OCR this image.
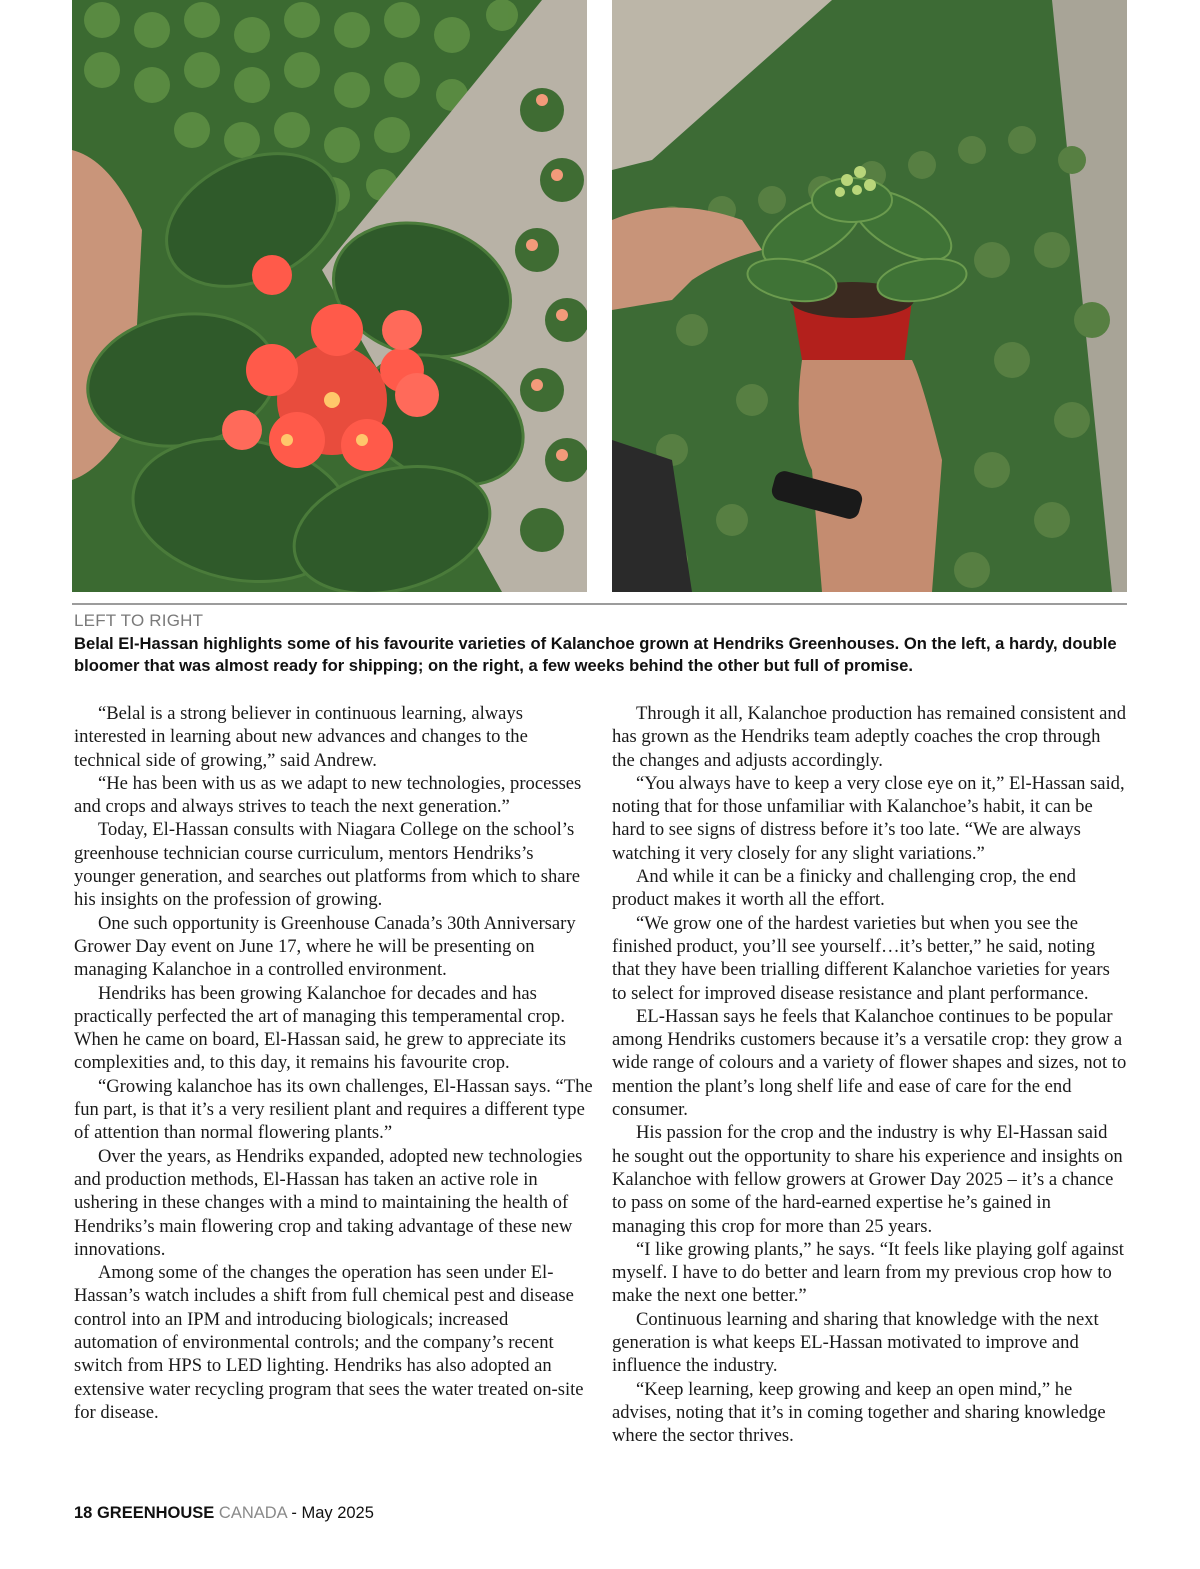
LEFT TO RIGHT
Belal El-Hassan highlights some of his favourite varieties of Kalanchoe grown at Hendriks Greenhouses. On the left, a hardy, double bloomer that was almost ready for shipping; on the right, a few weeks behind the other but full of promise.

“Belal is a strong believer in continuous learning, always interested in learning about new advances and changes to the technical side of growing,” said Andrew.

“He has been with us as we adapt to new technologies, processes and crops and always strives to teach the next generation.”

Today, El-Hassan consults with Niagara College on the school’s greenhouse technician course curriculum, mentors Hendriks’s younger generation, and searches out platforms from which to share his insights on the profession of growing.

One such opportunity is Greenhouse Canada’s 30th Anniversary Grower Day event on June 17, where he will be presenting on managing Kalanchoe in a controlled environment.

Hendriks has been growing Kalanchoe for decades and has practically perfected the art of managing this temperamental crop. When he came on board, El-Hassan said, he grew to appreciate its complexities and, to this day, it remains his favourite crop.

“Growing kalanchoe has its own challenges, El-Hassan says. “The fun part, is that it’s a very resilient plant and requires a different type of attention than normal flowering plants.”

Over the years, as Hendriks expanded, adopted new technologies and production methods, El-Hassan has taken an active role in ushering in these changes with a mind to maintaining the health of Hendriks’s main flowering crop and taking advantage of these new innovations.

Among some of the changes the operation has seen under El-Hassan’s watch includes a shift from full chemical pest and disease control into an IPM and introducing biologicals; increased automation of environmental controls; and the company’s recent switch from HPS to LED lighting. Hendriks has also adopted an extensive water recycling program that sees the water treated on-site for disease.

Through it all, Kalanchoe production has remained consistent and has grown as the Hendriks team adeptly coaches the crop through the changes and adjusts accordingly.

“You always have to keep a very close eye on it,” El-Hassan said, noting that for those unfamiliar with Kalanchoe’s habit, it can be hard to see signs of distress before it’s too late. “We are always watching it very closely for any slight variations.”

And while it can be a finicky and challenging crop, the end product makes it worth all the effort.

“We grow one of the hardest varieties but when you see the finished product, you’ll see yourself…it’s better,” he said, noting that they have been trialling different Kalanchoe varieties for years to select for improved disease resistance and plant performance.

EL-Hassan says he feels that Kalanchoe continues to be popular among Hendriks customers because it’s a versatile crop: they grow a wide range of colours and a variety of flower shapes and sizes, not to mention the plant’s long shelf life and ease of care for the end consumer.

His passion for the crop and the industry is why El-Hassan said he sought out the opportunity to share his experience and insights on Kalanchoe with fellow growers at Grower Day 2025 – it’s a chance to pass on some of the hard-earned expertise he’s gained in managing this crop for more than 25 years.

“I like growing plants,” he says. “It feels like playing golf against myself. I have to do better and learn from my previous crop how to make the next one better.”

Continuous learning and sharing that knowledge with the next generation is what keeps EL-Hassan motivated to improve and influence the industry.

“Keep learning, keep growing and keep an open mind,” he advises, noting that it’s in coming together and sharing knowledge where the sector thrives.

18 GREENHOUSE CANADA - May 2025
